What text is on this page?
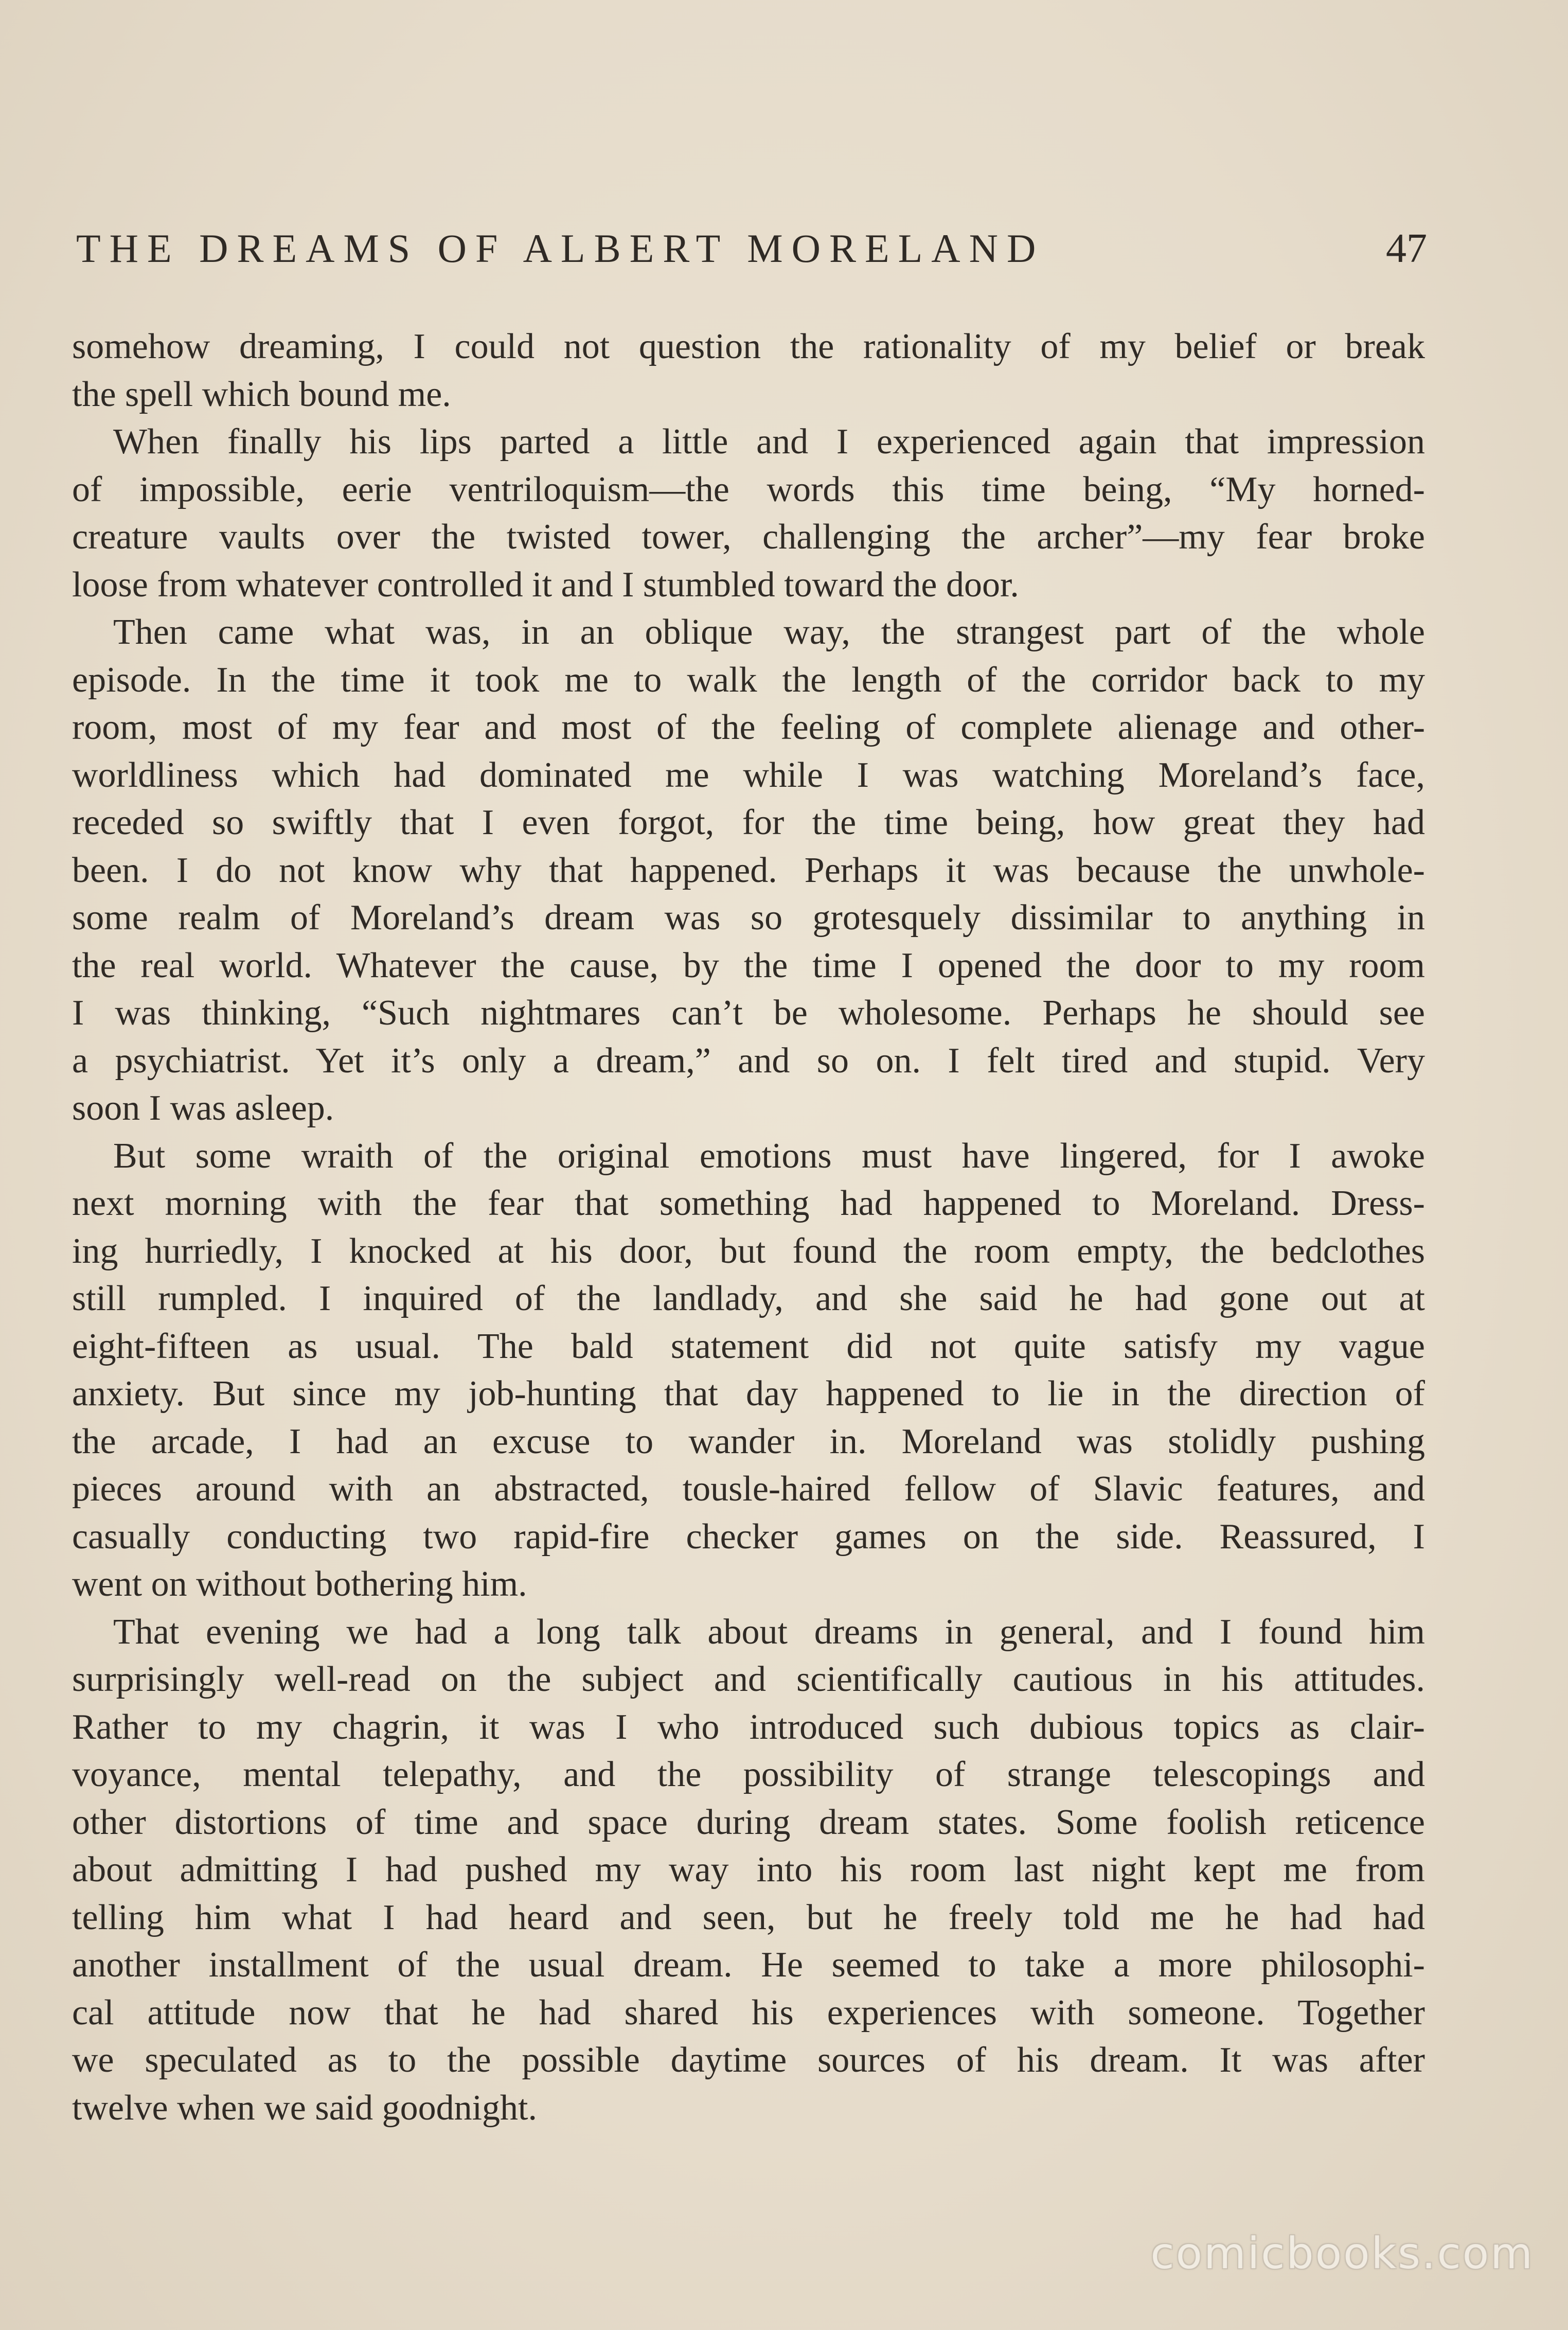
THE DREAMS OF ALBERT MORELAND	47
somehow dreaming, I could not question the rationality of my belief or break
the spell which bound me.
When finally his lips parted a little and I experienced again that impression
of impossible, eerie ventriloquism—the words this time being, “My horned-
creature vaults over the twisted tower, challenging the archer”—my fear broke
loose from whatever controlled it and I stumbled toward the door.
Then came what was, in an oblique way, the strangest part of the whole
episode. In the time it took me to walk the length of the corridor back to my
room, most of my fear and most of the feeling of complete alienage and other-
worldliness which had dominated me while I was watching Moreland’s face,
receded so swiftly that I even forgot, for the time being, how great they had
been. I do not know why that happened. Perhaps it was because the unwhole-
some realm of Moreland’s dream was so grotesquely dissimilar to anything in
the real world. Whatever the cause, by the time I opened the door to my room
I was thinking, “Such nightmares can’t be wholesome. Perhaps he should see
a psychiatrist. Yet it’s only a dream,” and so on. I felt tired and stupid. Very
soon I was asleep.
But some wraith of the original emotions must have lingered, for I awoke
next morning with the fear that something had happened to Moreland. Dress-
ing hurriedly, I knocked at his door, but found the room empty, the bedclothes
still rumpled. I inquired of the landlady, and she said he had gone out at
eight-fifteen as usual. The bald statement did not quite satisfy my vague
anxiety. But since my job-hunting that day happened to lie in the direction of
the arcade, I had an excuse to wander in. Moreland was stolidly pushing
pieces around with an abstracted, tousle-haired fellow of Slavic features, and
casually conducting two rapid-fire checker games on the side. Reassured, I
went on without bothering him.
That evening we had a long talk about dreams in general, and I found him
surprisingly well-read on the subject and scientifically cautious in his attitudes.
Rather to my chagrin, it was I who introduced such dubious topics as clair-
voyance, mental telepathy, and the possibility of strange telescopings and
other distortions of time and space during dream states. Some foolish reticence
about admitting I had pushed my way into his room last night kept me from
telling him what I had heard and seen, but he freely told me he had had
another installment of the usual dream. He seemed to take a more philosophi-
cal attitude now that he had shared his experiences with someone. Together
we speculated as to the possible daytime sources of his dream. It was after
twelve when we said goodnight.
comicbooks.com
